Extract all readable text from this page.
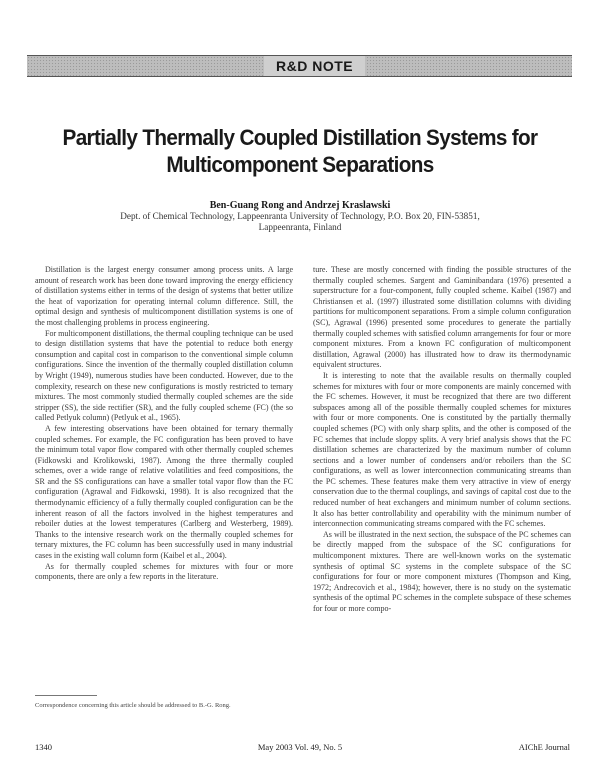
R&D NOTE
Partially Thermally Coupled Distillation Systems for Multicomponent Separations
Ben-Guang Rong and Andrzej Kraslawski
Dept. of Chemical Technology, Lappeenranta University of Technology, P.O. Box 20, FIN-53851, Lappeenranta, Finland

Distillation is the largest energy consumer among process units. A large amount of research work has been done toward improving the energy efficiency of distillation systems either in terms of the design of systems that better utilize the heat of vaporization for operating internal column difference. Still, the optimal design and synthesis of multicomponent distillation systems is one of the most challenging problems in process engineering.

For multicomponent distillations, the thermal coupling technique can be used to design distillation systems that have the potential to reduce both energy consumption and capital cost in comparison to the conventional simple column configurations. Since the invention of the thermally coupled distillation column by Wright (1949), numerous studies have been conducted. However, due to the complexity, research on these new configurations is mostly restricted to ternary mixtures. The most commonly studied thermally coupled schemes are the side stripper (SS), the side rectifier (SR), and the fully coupled scheme (FC) (the so called Petlyuk column) (Petlyuk et al., 1965).

A few interesting observations have been obtained for ternary thermally coupled schemes. For example, the FC configuration has been proved to have the minimum total vapor flow compared with other thermally coupled schemes (Fidkowski and Krolikowski, 1987). Among the three thermally coupled schemes, over a wide range of relative volatilities and feed compositions, the SR and the SS configurations can have a smaller total vapor flow than the FC configuration (Agrawal and Fidkowski, 1998). It is also recognized that the thermodynamic efficiency of a fully thermally coupled configuration can be the inherent reason of all the factors involved in the highest temperatures and reboiler duties at the lowest temperatures (Carlberg and Westerberg, 1989). Thanks to the intensive research work on the thermally coupled schemes for ternary mixtures, the FC column has been successfully used in many industrial cases in the existing wall column form (Kaibel et al., 2004).

As for thermally coupled schemes for mixtures with four or more components, there are only a few reports in the literature.

ture. These are mostly concerned with finding the possible structures of the thermally coupled schemes. Sargent and Gaminibandara (1976) presented a superstructure for a four-component, fully coupled scheme. Kaibel (1987) and Christiansen et al. (1997) illustrated some distillation columns with dividing partitions for multicomponent separations. From a simple column configuration (SC), Agrawal (1996) presented some procedures to generate the partially thermally coupled schemes with satisfied column arrangements for four or more component mixtures. From a known FC configuration of multicomponent distillation, Agrawal (2000) has illustrated how to draw its thermodynamic equivalent structures.

It is interesting to note that the available results on thermally coupled schemes for mixtures with four or more components are mainly concerned with the FC schemes. However, it must be recognized that there are two different subspaces among all of the possible thermally coupled schemes for mixtures with four or more components. One is constituted by the partially thermally coupled schemes (PC) with only sharp splits, and the other is composed of the FC schemes that include sloppy splits. A very brief analysis shows that the FC distillation schemes are characterized by the maximum number of column sections and a lower number of condensers and/or reboilers than the SC configurations, as well as lower interconnection communicating streams than the PC schemes. These features make them very attractive in view of energy conservation due to the thermal couplings, and savings of capital cost due to the reduced number of heat exchangers and minimum number of column sections. It also has better controllability and operability with the minimum number of interconnection communicating streams compared with the FC schemes.

As will be illustrated in the next section, the subspace of the PC schemes can be directly mapped from the subspace of the SC configurations for multicomponent mixtures. There are well-known works on the systematic synthesis of optimal SC systems in the complete subspace of the SC configurations for four or more component mixtures (Thompson and King, 1972; Andrecovich et al., 1984); however, there is no study on the systematic synthesis of the optimal PC schemes in the complete subspace of these schemes for four or more compo-

Correspondence concerning this article should be addressed to B.-G. Rong.
1340	May 2003 Vol. 49, No. 5	AIChE Journal
